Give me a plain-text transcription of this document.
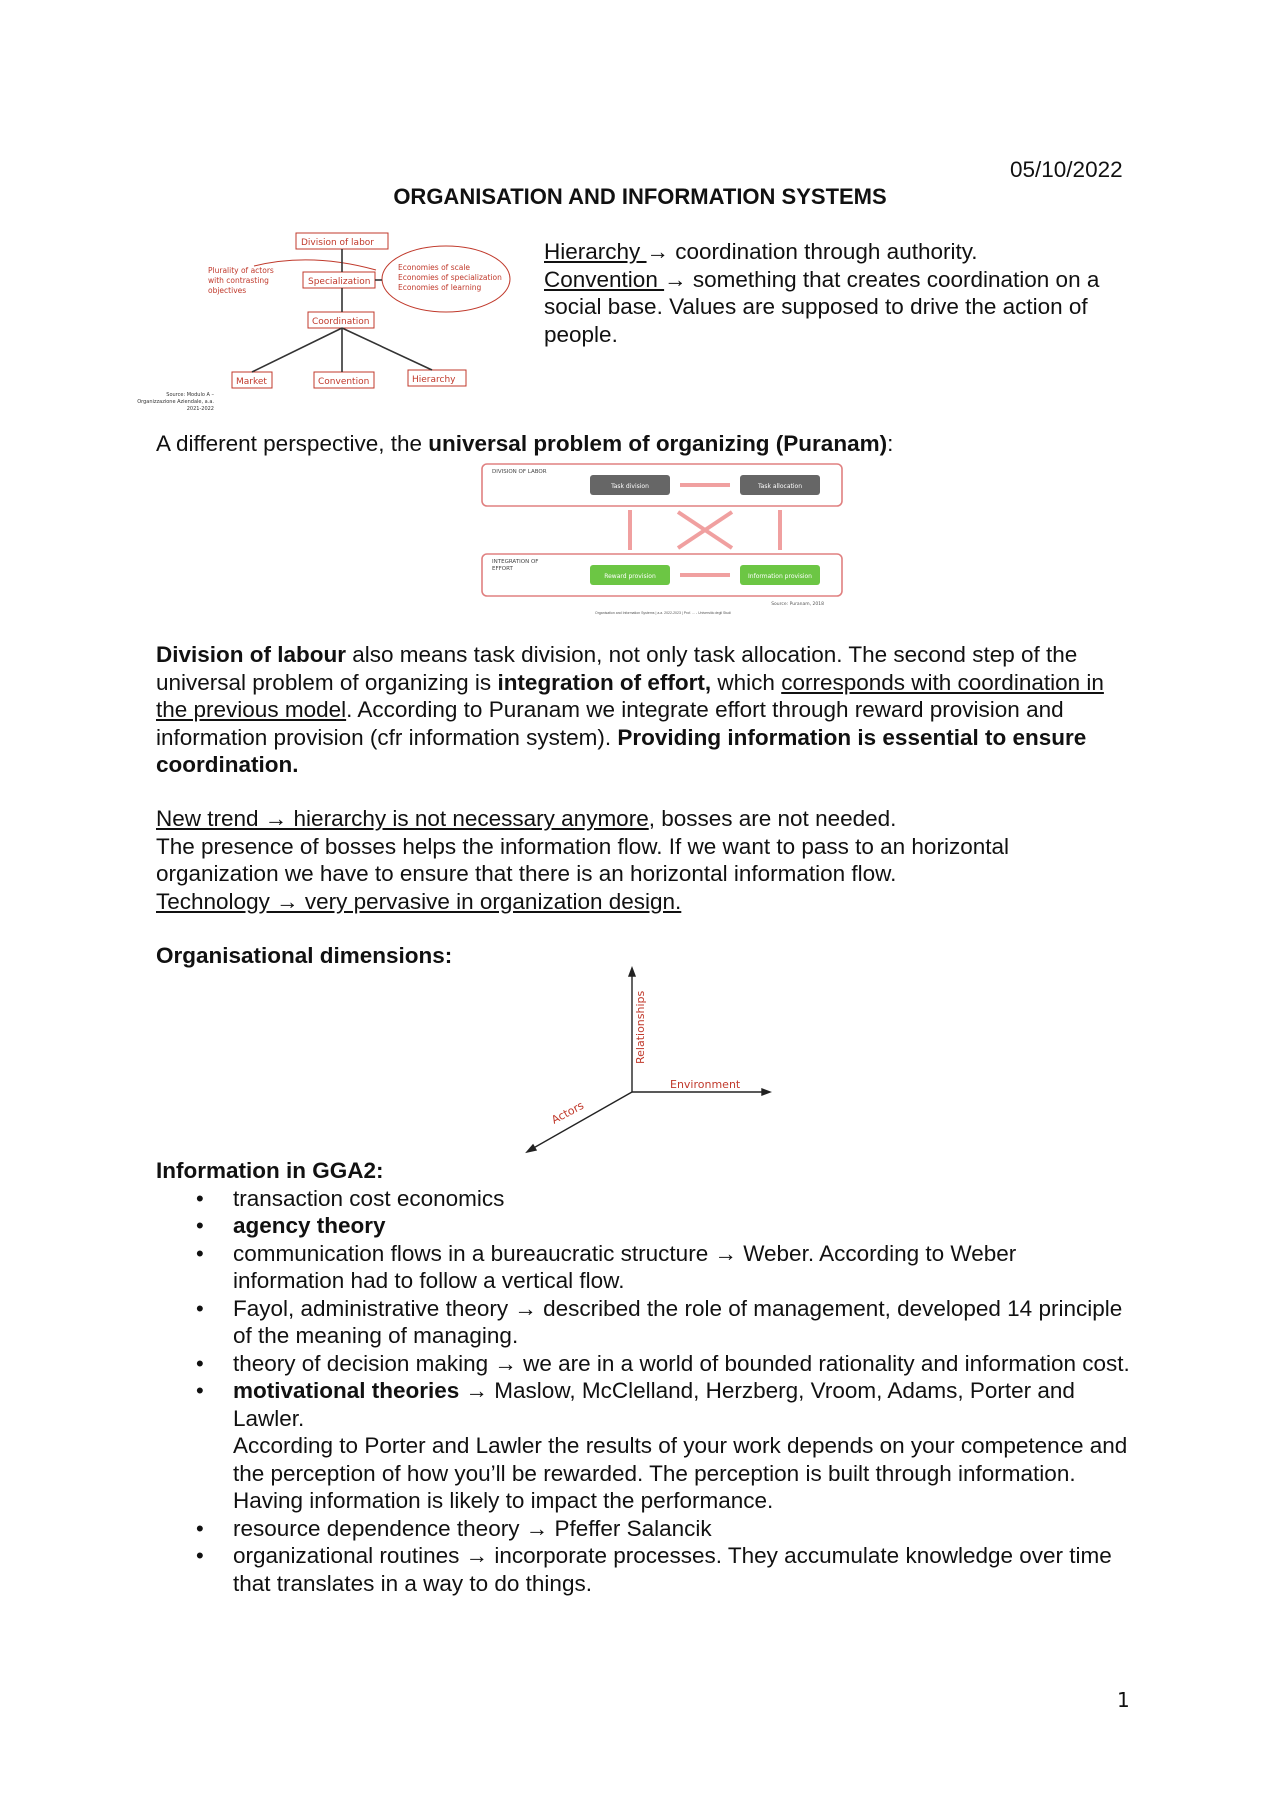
05/10/2022
ORGANISATION AND INFORMATION SYSTEMS
Division of labor
Specialization
Coordination
Market	Convention	Hierarchy
Plurality of actors
with contrasting
objectives
Economies of scale
Economies of specialization
Economies of learning
Source: Modulo A –
Organizzazione Aziendale, a.a.
2021-2022
Hierarchy → coordination through authority.
Convention → something that creates coordination on a social base. Values are supposed to drive the action of people.
A different perspective, the universal problem of organizing (Puranam):
Task division	Task allocation
Reward provision	Information provision
DIVISION OF LABOR
INTEGRATION OF
EFFORT
Source: Puranam, 2018
Organisation and Information Systems | a.a. 2022-2023 | Prof. ... - Università degli Studi
Division of labour also means task division, not only task allocation. The second step of the universal problem of organizing is integration of effort, which corresponds with coordination in the previous model. According to Puranam we integrate effort through reward provision and information provision (cfr information system). Providing information is essential to ensure coordination.
New trend → hierarchy is not necessary anymore, bosses are not needed.
The presence of bosses helps the information flow. If we want to pass to an horizontal organization we have to ensure that there is an horizontal information flow.
Technology → very pervasive in organization design.
Organisational dimensions:
Relationships
Environment
Actors
Information in GGA2:
• transaction cost economics
• agency theory
• communication flows in a bureaucratic structure → Weber. According to Weber information had to follow a vertical flow.
• Fayol, administrative theory → described the role of management, developed 14 principle of the meaning of managing.
• theory of decision making → we are in a world of bounded rationality and information cost.
• motivational theories → Maslow, McClelland, Herzberg, Vroom, Adams, Porter and Lawler.
According to Porter and Lawler the results of your work depends on your competence and the perception of how you’ll be rewarded. The perception is built through information. Having information is likely to impact the performance.
• resource dependence theory → Pfeffer Salancik
• organizational routines → incorporate processes. They accumulate knowledge over time that translates in a way to do things.
1
